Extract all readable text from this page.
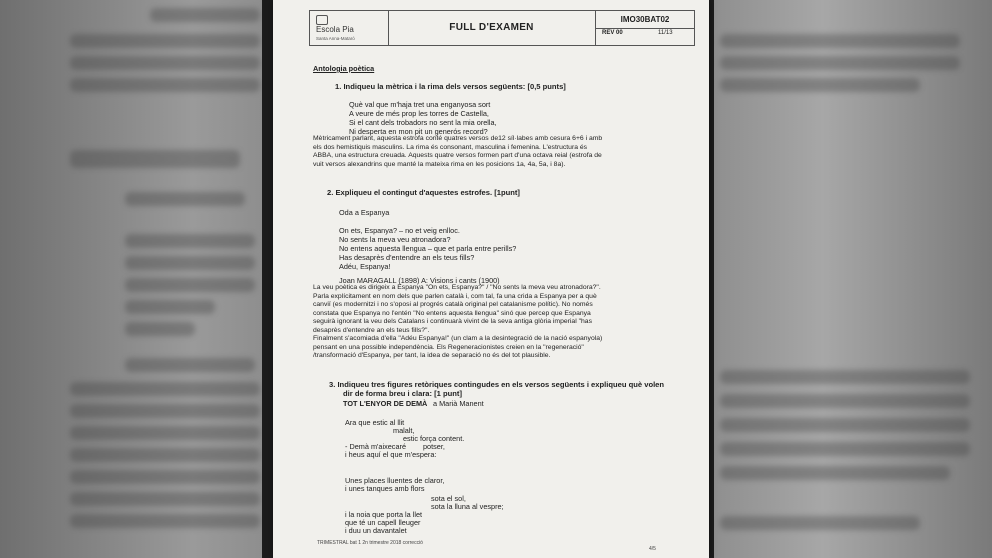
Escola Pia
Santa Anna-Mataró
FULL D'EXAMEN
IMO30BAT02
REV 00	11/13
Antologia poètica
1. Indiqueu la mètrica i la rima dels versos següents: [0,5 punts]
Què val que m'haja tret una enganyosa sort
A veure de més prop les torres de Castella,
Si el cant dels trobadors no sent la mia orella,
Ni desperta en mon pit un generós record?
Mètricament parlant, aquesta estrofa conté quatres versos de12 síl·labes amb cesura 6+6 i amb
els dos hemistiquis masculins. La rima és consonant, masculina i femenina. L'estructura és
ABBA, una estructura creuada. Aquests quatre versos formen part d'una octava reial (estrofa de
vuit versos alexandrins que manté la mateixa rima en les posicions 1a, 4a, 5a, i 8a).
2. Expliqueu el contingut d'aquestes estrofes. [1punt]
Oda a Espanya
On ets, Espanya? – no et veig enlloc.
No sents la meva veu atronadora?
No entens aquesta llengua – que et parla entre perills?
Has desaprès d'entendre an els teus fills?
Adéu, Espanya!
Joan MARAGALL (1898) A: Visions i cants (1900)
La veu poètica es dirigeix a Espanya "On ets, Espanya?" / "No sents la meva veu atronadora?".
Parla explícitament en nom dels que parlen català i, com tal, fa una crida a Espanya per a què
canviï (es modernitzi i no s'oposi al progrés català original pel catalanisme polític). No només
constata que Espanya no l'entén "No entens aquesta llengua" sinó que percep que Espanya
seguirà ignorant la veu dels Catalans i continuarà vivint de la seva antiga glòria imperial "has
desaprès d'entendre an els teus fills?".
Finalment s'acomiada d'ella "Adéu Espanya!" (un clam a la desintegració de la nació espanyola)
pensant en una possible independència. Els Regeneracionistes creien en la "regeneració"
/transformació d'Espanya, per tant, la idea de separació no és del tot plausible.
3. Indiqueu tres figures retòriques contingudes en els versos següents i expliqueu què volen
dir de forma breu i clara: [1 punt]
TOT L'ENYOR DE DEMÀ a Marià Manent
Ara que estic al llit
malalt,
estic força content.
- Demà m'aixecaré potser,
i heus aquí el que m'espera:
Unes places lluentes de claror,
i unes tanques amb flors
sota el sol,
sota la lluna al vespre;
i la noia que porta la llet
que té un capell lleuger
i duu un davantalet
TRIMESTRAL bat 1 2n trimestre 2018 correcció
4/5
